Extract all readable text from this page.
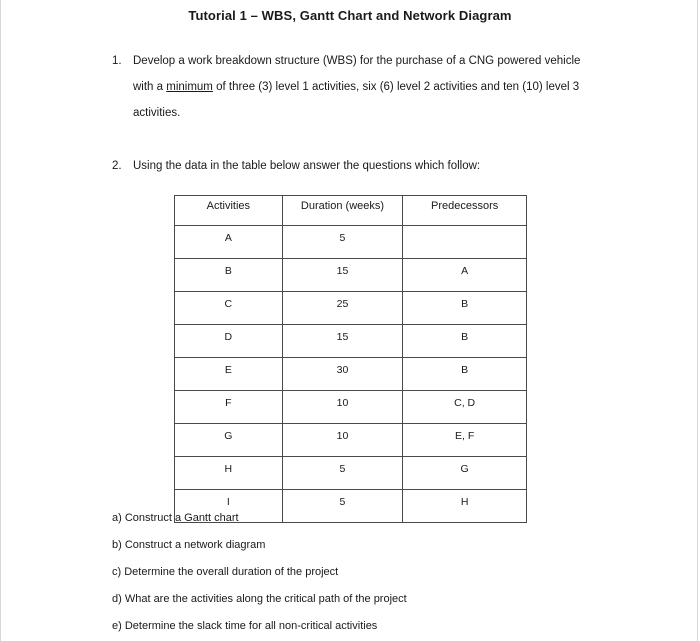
Tutorial 1 – WBS, Gantt Chart and Network Diagram
1. Develop a work breakdown structure (WBS) for the purchase of a CNG powered vehicle
with a minimum of three (3) level 1 activities, six (6) level 2 activities and ten (10) level 3
activities.
2. Using the data in the table below answer the questions which follow:
Activities	Duration (weeks)	Predecessors
A	5	
B	15	A
C	25	B
D	15	B
E	30	B
F	10	C, D
G	10	E, F
H	5	G
I	5	H
a) Construct a Gantt chart
b) Construct a network diagram
c) Determine the overall duration of the project
d) What are the activities along the critical path of the project
e) Determine the slack time for all non-critical activities
